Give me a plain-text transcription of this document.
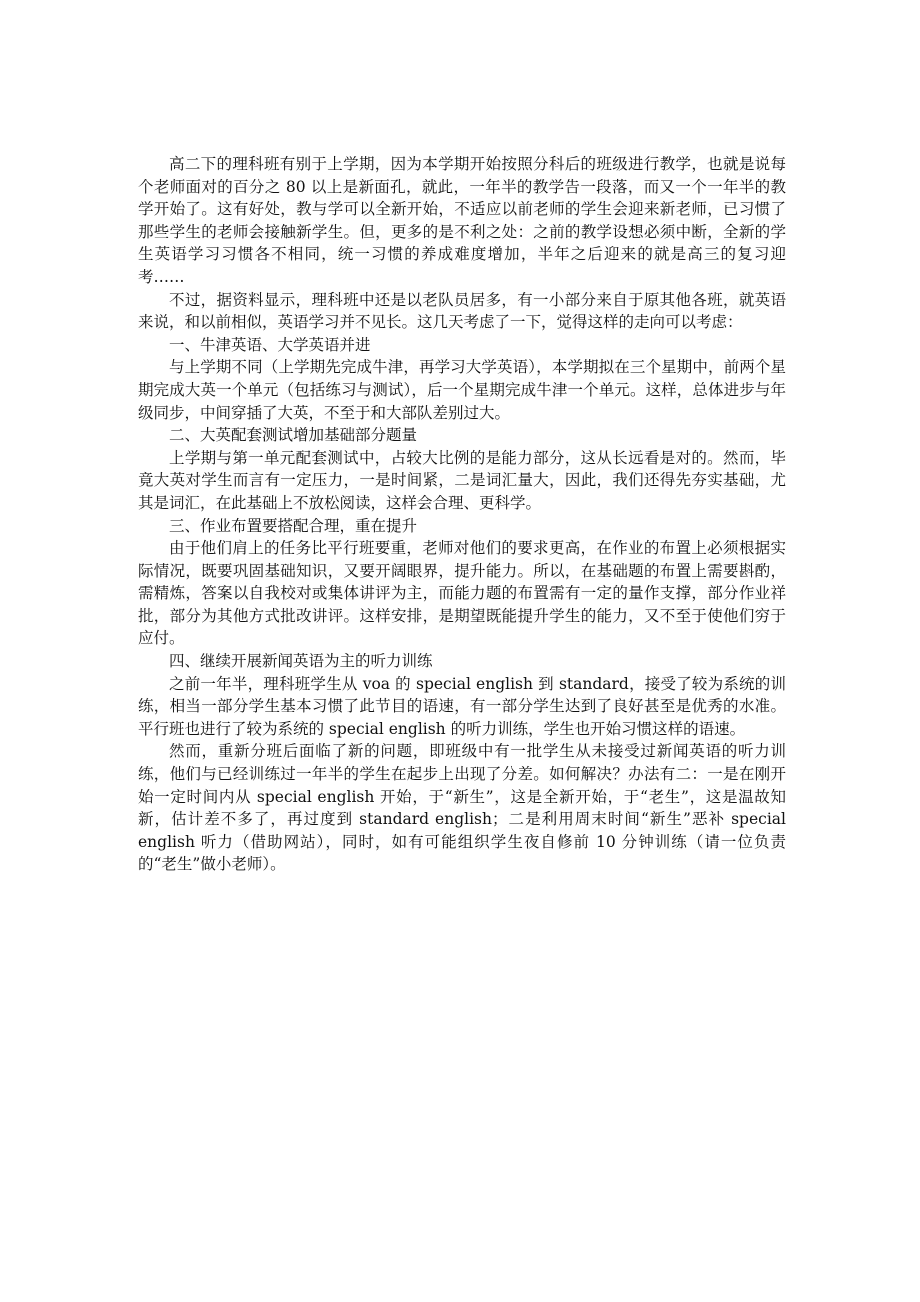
高二下的理科班有别于上学期，因为本学期开始按照分科后的班级进行教学，也就是说每个老师面对的百分之 80 以上是新面孔，就此，一年半的教学告一段落，而又一个一年半的教学开始了。这有好处，教与学可以全新开始，不适应以前老师的学生会迎来新老师，已习惯了那些学生的老师会接触新学生。但，更多的是不利之处：之前的教学设想必须中断，全新的学生英语学习习惯各不相同，统一习惯的养成难度增加，半年之后迎来的就是高三的复习迎考……

不过，据资料显示，理科班中还是以老队员居多，有一小部分来自于原其他各班，就英语来说，和以前相似，英语学习并不见长。这几天考虑了一下，觉得这样的走向可以考虑：

一、牛津英语、大学英语并进

与上学期不同（上学期先完成牛津，再学习大学英语），本学期拟在三个星期中，前两个星期完成大英一个单元（包括练习与测试），后一个星期完成牛津一个单元。这样，总体进步与年级同步，中间穿插了大英，不至于和大部队差别过大。

二、大英配套测试增加基础部分题量

上学期与第一单元配套测试中，占较大比例的是能力部分，这从长远看是对的。然而，毕竟大英对学生而言有一定压力，一是时间紧，二是词汇量大，因此，我们还得先夯实基础，尤其是词汇，在此基础上不放松阅读，这样会合理、更科学。

三、作业布置要搭配合理，重在提升

由于他们肩上的任务比平行班要重，老师对他们的要求更高，在作业的布置上必须根据实际情况，既要巩固基础知识，又要开阔眼界，提升能力。所以，在基础题的布置上需要斟酌，需精炼，答案以自我校对或集体讲评为主，而能力题的布置需有一定的量作支撑，部分作业祥批，部分为其他方式批改讲评。这样安排，是期望既能提升学生的能力，又不至于使他们穷于应付。

四、继续开展新闻英语为主的听力训练

之前一年半，理科班学生从 voa 的 special english 到 standard，接受了较为系统的训练，相当一部分学生基本习惯了此节目的语速，有一部分学生达到了良好甚至是优秀的水准。平行班也进行了较为系统的 special english 的听力训练，学生也开始习惯这样的语速。

然而，重新分班后面临了新的问题，即班级中有一批学生从未接受过新闻英语的听力训练，他们与已经训练过一年半的学生在起步上出现了分差。如何解决？办法有二：一是在刚开始一定时间内从 special english 开始，于“新生”，这是全新开始，于“老生”，这是温故知新，估计差不多了，再过度到 standard english；二是利用周末时间“新生”恶补 special english 听力（借助网站），同时，如有可能组织学生夜自修前 10 分钟训练（请一位负责的“老生”做小老师）。
